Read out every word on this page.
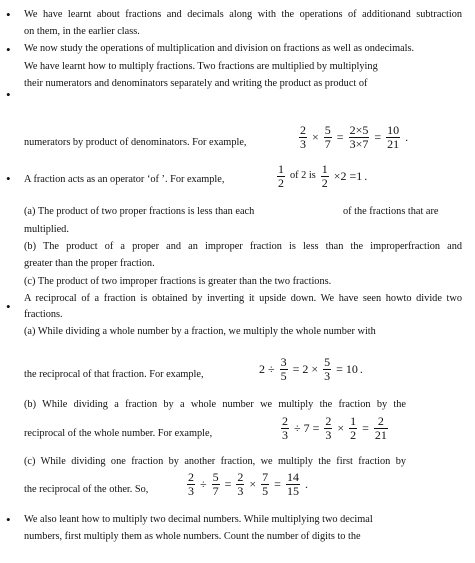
•
•
•
•
•
•
We have learnt about fractions and decimals along with the operations of additionand subtraction
on them, in the earlier class.
We now study the operations of multiplication and division on fractions as well as ondecimals.
We have learnt how to multiply fractions. Two fractions are multiplied by multiplying
their numerators and denominators separately and writing the product as product of
numerators by product of denominators. For example,	$\frac{2}{3} \times \frac{5}{7} = \frac{2\times 5}{3\times 7} = \frac{10}{21}$ .
A fraction acts as an operator ‘of ’. For example,	$\frac{1}{2}$ of 2 is $\frac{1}{2} \times 2 =1$ .
(a) The product of two proper fractions is less than each	of the fractions that are
multiplied.
(b) The product of a proper and an improper fraction is less than the improperfraction and
greater than the proper fraction.
(c) The product of two improper fractions is greater than the two fractions.
A reciprocal of a fraction is obtained by inverting it upside down. We have seen howto divide two
fractions.
(a) While dividing a whole number by a fraction, we multiply the whole number with
the reciprocal of that fraction. For example,	$2 \div \frac{3}{5} = 2 \times \frac{5}{3} = 10$ .
(b) While dividing a fraction by a whole number we multiply the fraction by the
reciprocal of the whole number. For example,	$\frac{2}{3} \div 7 = \frac{2}{3} \times \frac{1}{2} = \frac{2}{21}$
(c) While dividing one fraction by another fraction, we multiply the first fraction by
the reciprocal of the other. So,	$\frac{2}{3} \div \frac{5}{7} = \frac{2}{3} \times \frac{7}{5} = \frac{14}{15}$ .
We also leant how to multiply two decimal numbers. While multiplying two decimal
numbers, first multiply them as whole numbers. Count the number of digits to the
